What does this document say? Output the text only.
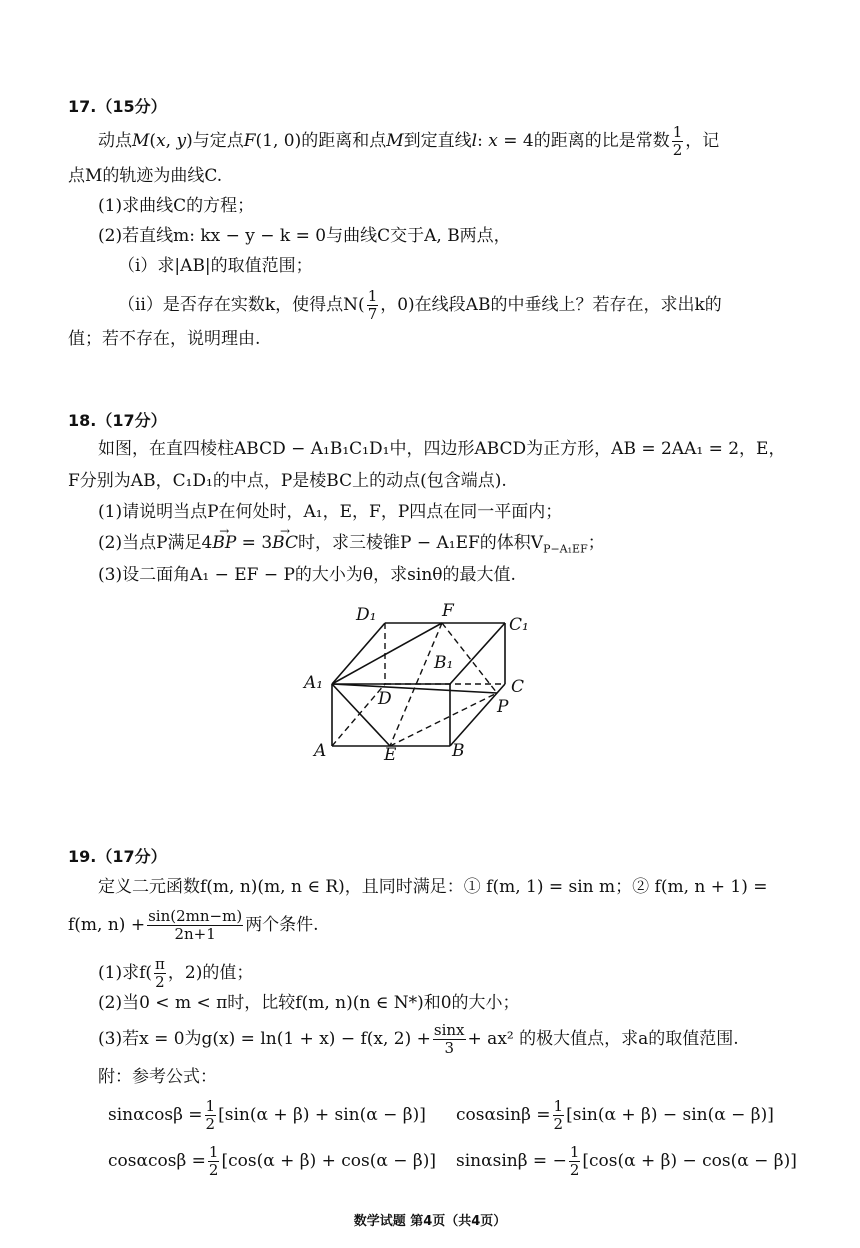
17.（15分）
动点M(x, y)与定点F(1, 0)的距离和点M到定直线l: x = 4的距离的比是常数 $\frac{1}{2}$ ，记
点M的轨迹为曲线C.
(1)求曲线C的方程；
(2)若直线m: kx − y − k = 0与曲线C交于A, B两点，
（ⅰ）求|AB|的取值范围；
（ⅱ）是否存在实数k，使得点$N( \frac{1}{7}$ ，0)在线段AB的中垂线上？若存在，求出k的
值；若不存在，说明理由.
18.（17分）
如图，在直四棱柱ABCD − A₁B₁C₁D₁中，四边形ABCD为正方形，AB = 2AA₁ = 2，E，
F分别为AB，C₁D₁的中点，P是棱BC上的动点(包含端点).
(1)请说明当点P在何处时，A₁，E，F，P四点在同一平面内；
(2)当点P满足4→ BP = 3→ BC时，求三棱锥P − A₁EF的体积$V_{P-A_1EF}$；
(3)设二面角A₁ − EF − P的大小为θ，求sinθ的最大值.
D₁	F
C₁
B₁
A₁	C
D	P
A	E	B
19.（17分）
定义二元函数f(m, n)(m, n ∈ R)，且同时满足：① f(m, 1) = sin m；② f(m, n + 1) =
f(m, $n) + \frac{\sin(2mn-m)}{2n+1}$ 两个条件.
(1)求$f( \frac{\pi}{2}$ ，2)的值；
(2)当0 < m < π时，比较f(m, n)(n ∈ N*)和0的大小；
(3)若x = 0为g(x) = ln(1 + x) − f(x, $2) + \frac{\sin x}{3} + ax^2$ 的极大值点，求a的取值范围.
附：参考公式：
$\sin\alpha\cos\beta = \frac{1}{2} [\sin(\alpha + \beta) + \sin(\alpha - \beta)] \cos\alpha\sin\beta = \frac{1}{2} [\sin(\alpha + \beta) - \sin(\alpha - \beta)]$
$\cos\alpha\cos\beta = \frac{1}{2} [\cos(\alpha + \beta) + \cos(\alpha - \beta)] \sin\alpha\sin\beta$ = − $\frac{1}{2} [\cos(\alpha + \beta) - \cos(\alpha - \beta)]$
数学试题 第4页（共4页）
